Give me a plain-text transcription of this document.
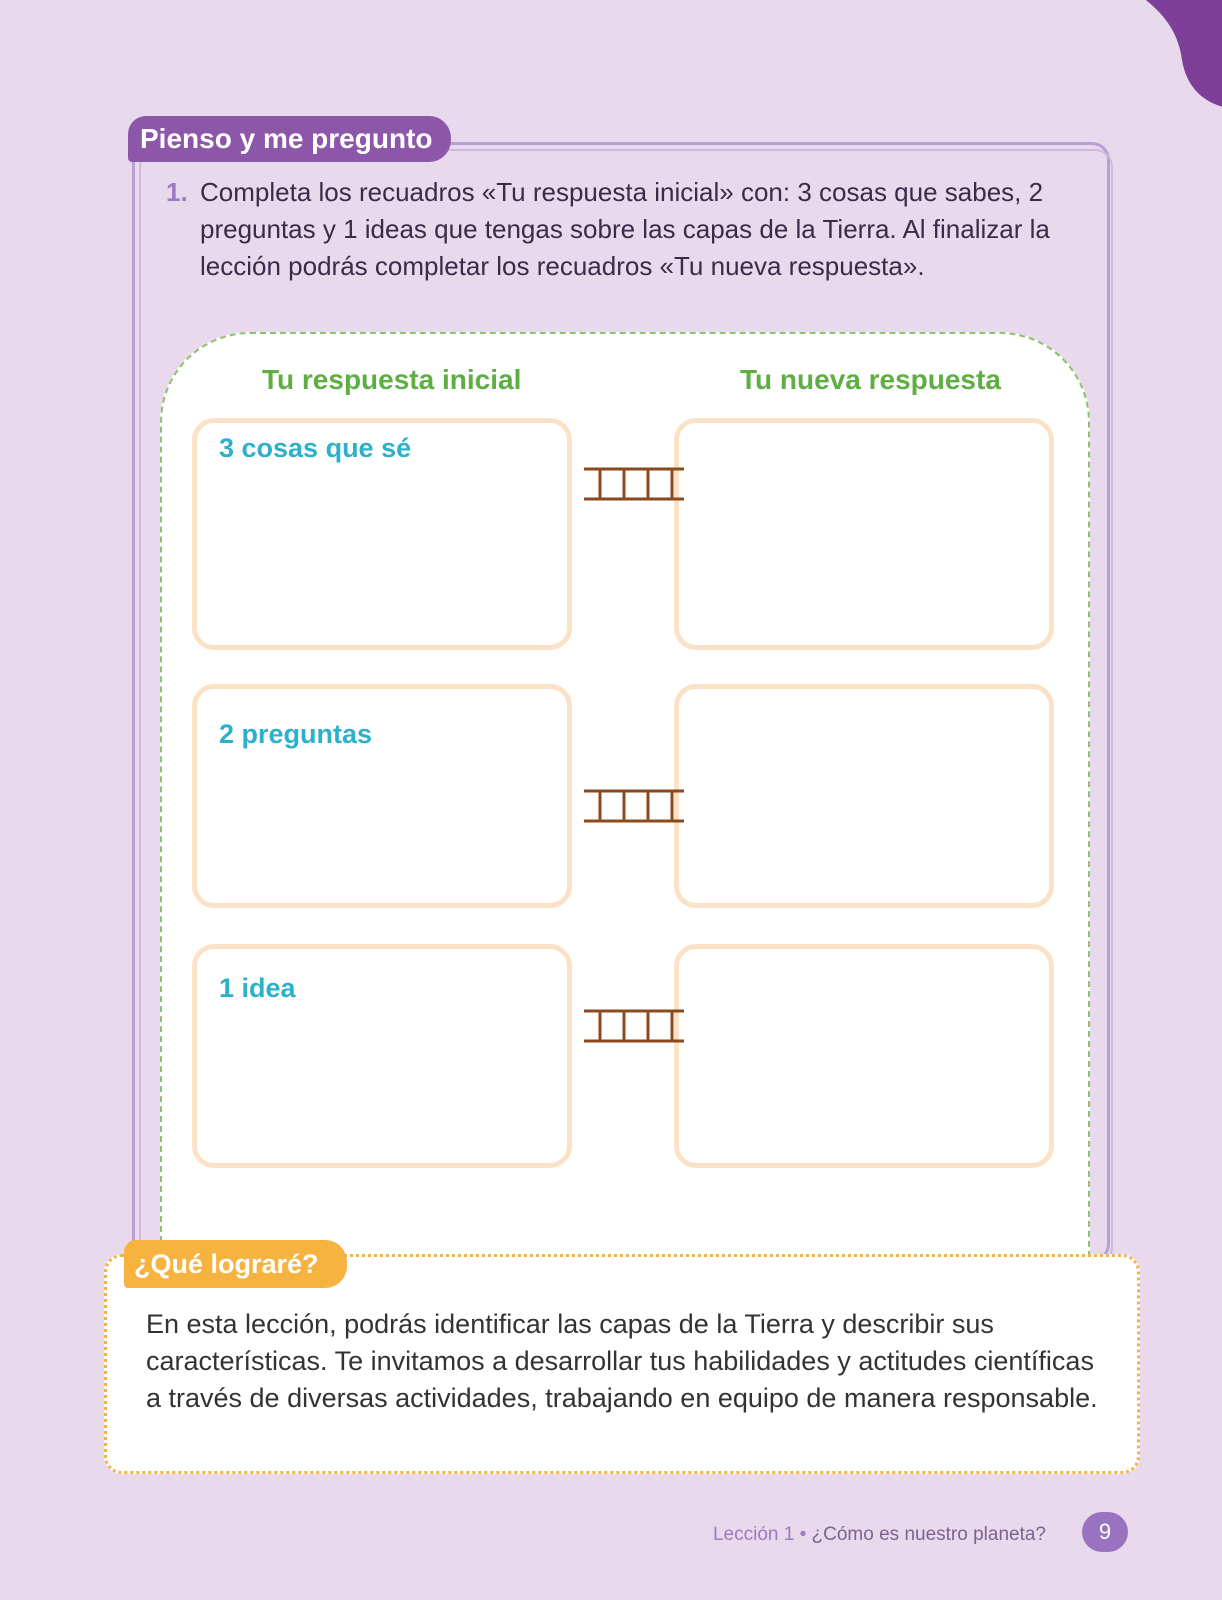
Pienso y me pregunto
1. Completa los recuadros «Tu respuesta inicial» con: 3 cosas que sabes, 2 preguntas y 1 ideas que tengas sobre las capas de la Tierra. Al finalizar la lección podrás completar los recuadros «Tu nueva respuesta».
Tu respuesta inicial	Tu nueva respuesta
3 cosas que sé
2 preguntas
1 idea
¿Qué lograré?
En esta lección, podrás identificar las capas de la Tierra y describir sus características. Te invitamos a desarrollar tus habilidades y actitudes científicas a través de diversas actividades, trabajando en equipo de manera responsable.
Lección 1 • ¿Cómo es nuestro planeta?	9
